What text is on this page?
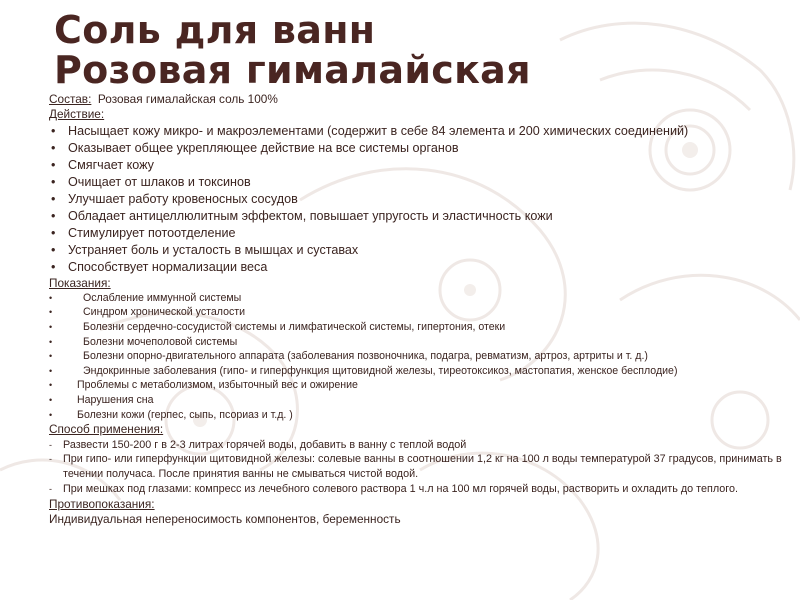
Соль для ванн
Розовая гималайская

Состав: Розовая гималайская соль 100%

Действие:

• Насыщает кожу микро- и макроэлементами (содержит в себе 84 элемента и 200 химических соединений)
• Оказывает общее укрепляющее действие на все системы органов
• Смягчает кожу
• Очищает от шлаков и токсинов
• Улучшает работу кровеносных сосудов
• Обладает антицеллюлитным эффектом, повышает упругость и эластичность кожи
• Стимулирует потоотделение
• Устраняет боль и усталость в мышцах и суставах
• Способствует нормализации веса

Показания:

•	Ослабление иммунной системы
•	Синдром хронической усталости
•	Болезни сердечно-сосудистой системы и лимфатической системы, гипертония, отеки
•	Болезни мочеполовой системы
•	Болезни опорно-двигательного аппарата (заболевания позвоночника, подагра, ревматизм, артроз, артриты и т. д.)
•	Эндокринные заболевания (гипо- и гиперфункция щитовидной железы, тиреотоксикоз, мастопатия, женское бесплодие)
•	Проблемы с метаболизмом, избыточный вес и ожирение
•	Нарушения сна
•	Болезни кожи (герпес, сыпь, псориаз и т.д. )

Способ применения:

-	Развести 150-200 г в 2-3 литрах горячей воды, добавить в ванну с теплой водой
-	При гипо- или гиперфункции щитовидной железы: солевые ванны в соотношении 1,2 кг на 100 л воды температурой 37 градусов, принимать в течении получаса. После принятия ванны не смываться чистой водой.
-	При мешках под глазами: компресс из лечебного солевого раствора 1 ч.л на 100 мл горячей воды, растворить и охладить до теплого.

Противопоказания:

Индивидуальная непереносимость компонентов, беременность
